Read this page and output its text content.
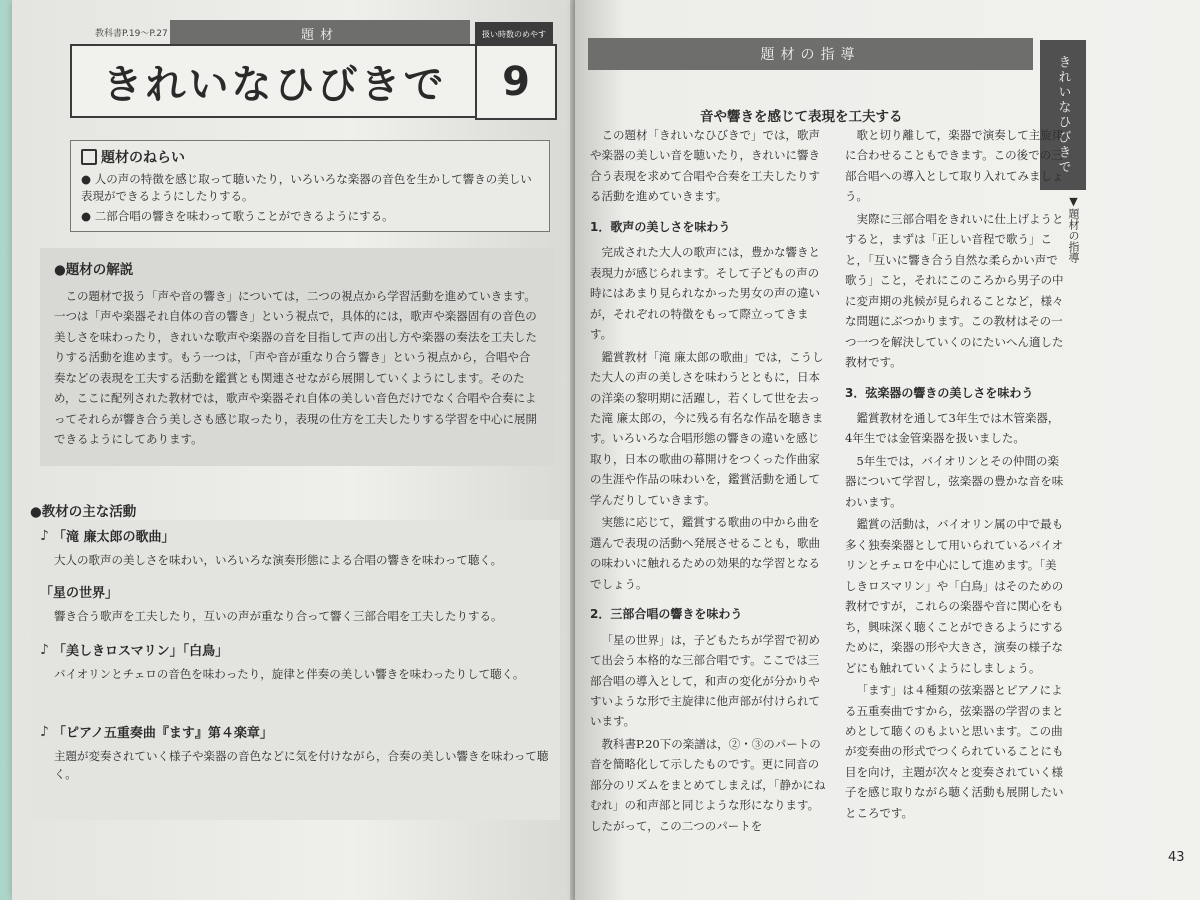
教科書P.19〜P.27	題材
きれいなひびきで
扱い時数のめやす
9
題材のねらい
● 人の声の特徴を感じ取って聴いたり，いろいろな楽器の音色を生かして響きの美しい表現ができるようにしたりする。
● 二部合唱の響きを味わって歌うことができるようにする。
●題材の解説
この題材で扱う「声や音の響き」については，二つの視点から学習活動を進めていきます。一つは「声や楽器それ自体の音の響き」という視点で，具体的には，歌声や楽器固有の音色の美しさを味わったり，きれいな歌声や楽器の音を目指して声の出し方や楽器の奏法を工夫したりする活動を進めます。もう一つは，「声や音が重なり合う響き」という視点から，合唱や合奏などの表現を工夫する活動を鑑賞とも関連させながら展開していくようにします。そのため，ここに配列された教材では，歌声や楽器それ自体の美しい音色だけでなく合唱や合奏によってそれらが響き合う美しさも感じ取ったり，表現の仕方を工夫したりする学習を中心に展開できるようにしてあります。
●教材の主な活動
♪ 「滝 廉太郎の歌曲」
大人の歌声の美しさを味わい，いろいろな演奏形態による合唱の響きを味わって聴く。
「星の世界」
響き合う歌声を工夫したり，互いの声が重なり合って響く三部合唱を工夫したりする。
♪ 「美しきロスマリン」「白鳥」
バイオリンとチェロの音色を味わったり，旋律と伴奏の美しい響きを味わったりして聴く。
♪ 「ピアノ五重奏曲『ます』第４楽章」
主題が変奏されていく様子や楽器の音色などに気を付けながら，合奏の美しい響きを味わって聴く。
題材の指導
音や響きを感じて表現を工夫する	きれいなひびきで
▼題材の指導

この題材「きれいなひびきで」では，歌声や楽器の美しい音を聴いたり，きれいに響き合う表現を求めて合唱や合奏を工夫したりする活動を進めていきます。

1．歌声の美しさを味わう

完成された大人の歌声には，豊かな響きと表現力が感じられます。そして子どもの声の時にはあまり見られなかった男女の声の違いが，それぞれの特徴をもって際立ってきます。

鑑賞教材「滝 廉太郎の歌曲」では，こうした大人の声の美しさを味わうとともに，日本の洋楽の黎明期に活躍し，若くして世を去った滝 廉太郎の，今に残る有名な作品を聴きます。いろいろな合唱形態の響きの違いを感じ取り，日本の歌曲の幕開けをつくった作曲家の生涯や作品の味わいを，鑑賞活動を通して学んだりしていきます。

実態に応じて，鑑賞する歌曲の中から曲を選んで表現の活動へ発展させることも，歌曲の味わいに触れるための効果的な学習となるでしょう。

2．三部合唱の響きを味わう

「星の世界」は，子どもたちが学習で初めて出会う本格的な三部合唱です。ここでは三部合唱の導入として，和声の変化が分かりやすいような形で主旋律に他声部が付けられています。

教科書P.20下の楽譜は，②・③のパートの音を簡略化して示したものです。更に同音の部分のリズムをまとめてしまえば，「静かにねむれ」の和声部と同じような形になります。したがって，この二つのパートを

歌と切り離して，楽器で演奏して主旋律に合わせることもできます。この後での三部合唱への導入として取り入れてみましょう。

実際に三部合唱をきれいに仕上げようとすると，まずは「正しい音程で歌う」こと，「互いに響き合う自然な柔らかい声で歌う」こと，それにこのころから男子の中に変声期の兆候が見られることなど，様々な問題にぶつかります。この教材はその一つ一つを解決していくのにたいへん適した教材です。

3．弦楽器の響きの美しさを味わう

鑑賞教材を通して3年生では木管楽器，4年生では金管楽器を扱いました。

5年生では，バイオリンとその仲間の楽器について学習し，弦楽器の豊かな音を味わいます。

鑑賞の活動は，バイオリン属の中で最も多く独奏楽器として用いられているバイオリンとチェロを中心にして進めます。「美しきロスマリン」や「白鳥」はそのための教材ですが，これらの楽器や音に関心をもち，興味深く聴くことができるようにするために，楽器の形や大きさ，演奏の様子などにも触れていくようにしましょう。

「ます」は４種類の弦楽器とピアノによる五重奏曲ですから，弦楽器の学習のまとめとして聴くのもよいと思います。この曲が変奏曲の形式でつくられていることにも目を向け，主題が次々と変奏されていく様子を感じ取りながら聴く活動も展開したいところです。

43
